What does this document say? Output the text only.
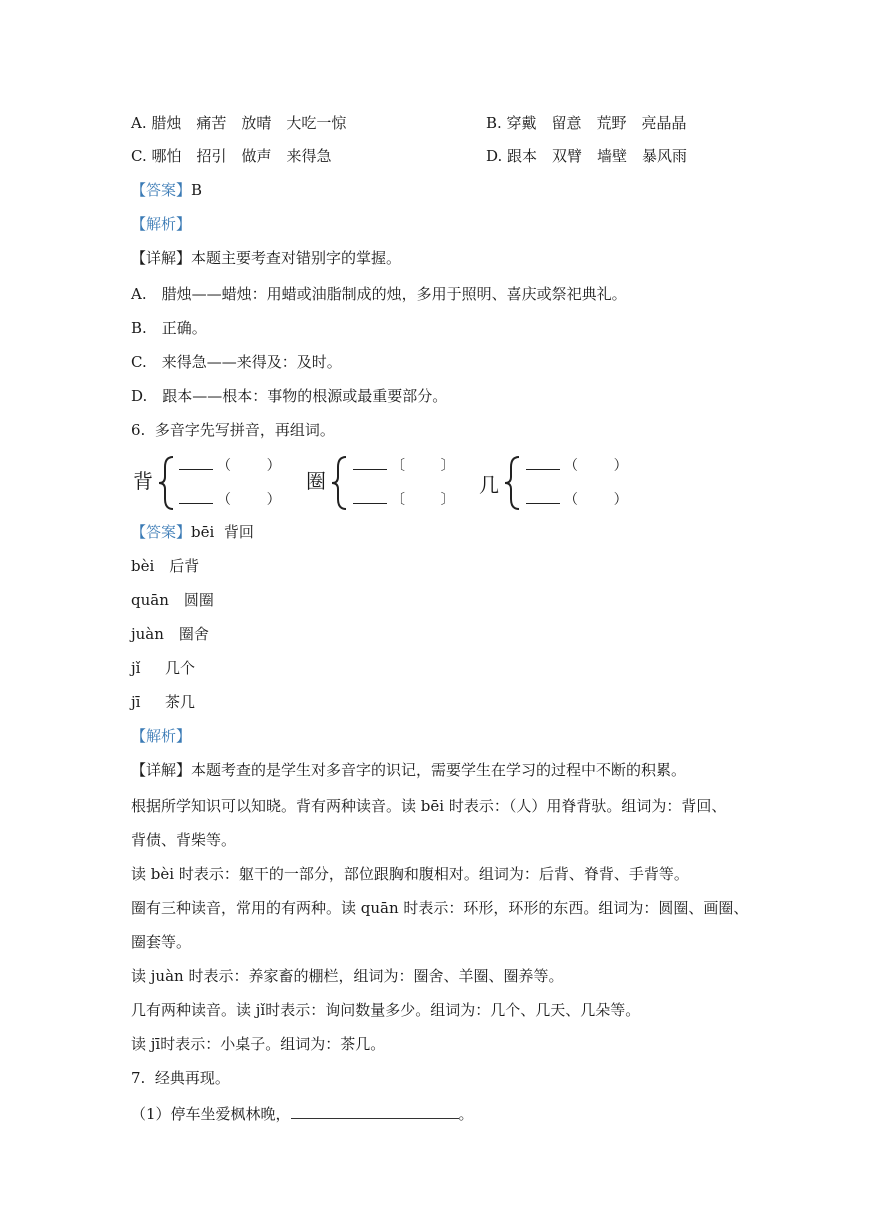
A. 腊烛　痛苦　放晴　大吃一惊	B. 穿戴　留意　荒野　亮晶晶
C. 哪怕　招引　做声　来得急	D. 跟本　双臂　墙壁　暴风雨
【答案】B
【解析】
【详解】本题主要考查对错别字的掌握。
A.　腊烛——蜡烛：用蜡或油脂制成的烛，多用于照明、喜庆或祭祀典礼。
B.　正确。
C.　来得急——来得及：及时。
D.　跟本——根本：事物的根源或最重要部分。
6.  多音字先写拼音，再组词。
背
（	）
（	）
圈
〔	〕
〔	〕
几
（	）
（	）
【答案】bēi  背回
bèi　后背
quān　圆圈
juàn　圈舍
jǐ　  几个
jī　  茶几
【解析】
【详解】本题考查的是学生对多音字的识记，需要学生在学习的过程中不断的积累。
根据所学知识可以知晓。背有两种读音。读 bēi 时表示：（人）用脊背驮。组词为：背回、
背债、背柴等。
读 bèi 时表示：躯干的一部分，部位跟胸和腹相对。组词为：后背、脊背、手背等。
圈有三种读音，常用的有两种。读 quān 时表示：环形，环形的东西。组词为：圆圈、画圈、
圈套等。
读 juàn 时表示：养家畜的棚栏，组词为：圈舍、羊圈、圈养等。
几有两种读音。读 jǐ时表示：询问数量多少。组词为：几个、几天、几朵等。
读 jī时表示：小桌子。组词为：茶几。
7.  经典再现。
（1）停车坐爱枫林晚，	。
